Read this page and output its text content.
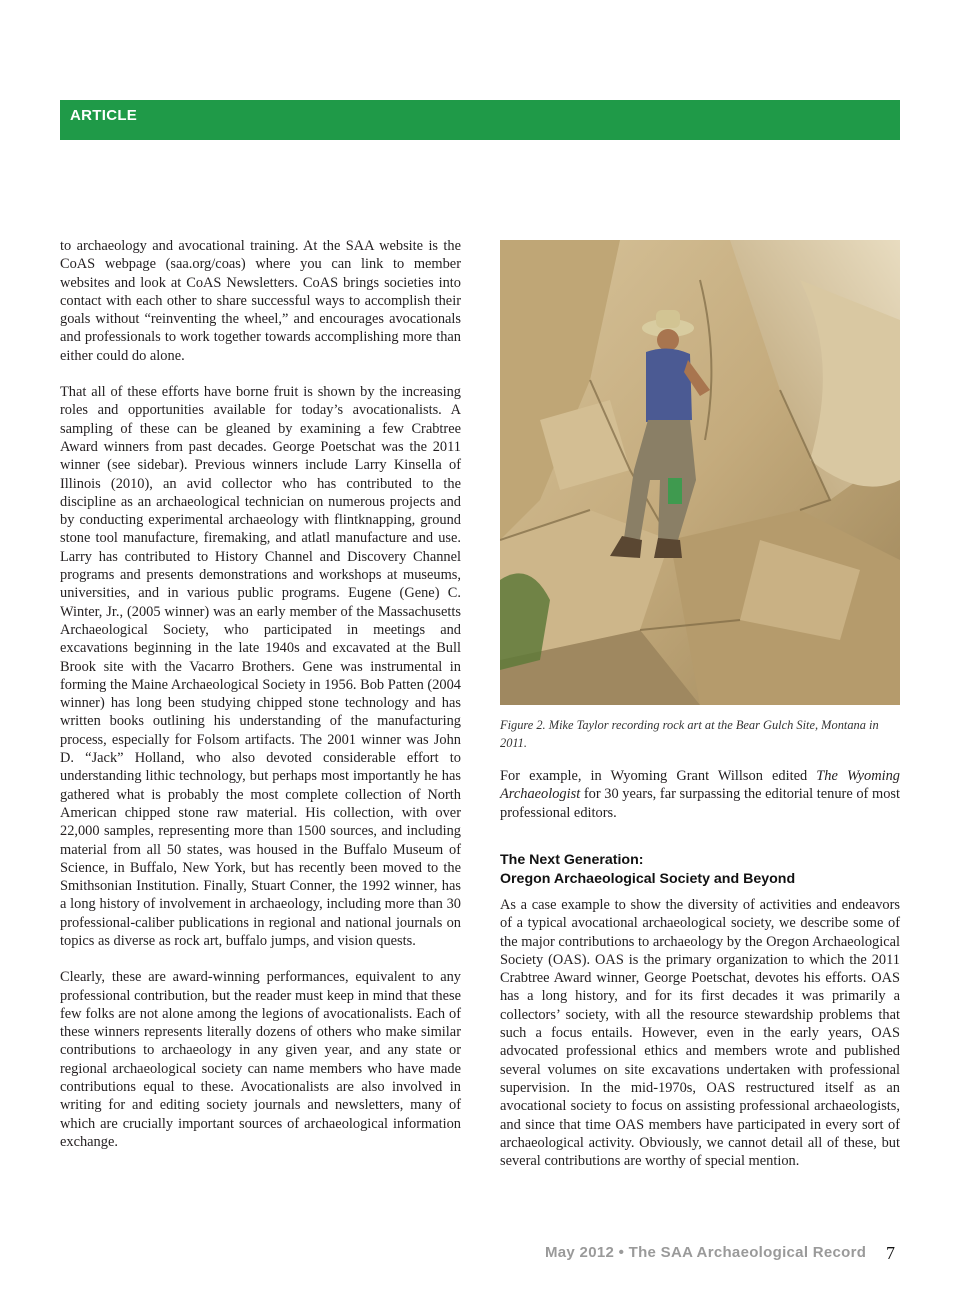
ARTICLE

to archaeology and avocational training. At the SAA website is the CoAS webpage (saa.org/coas) where you can link to member websites and look at CoAS Newsletters. CoAS brings societies into contact with each other to share successful ways to accomplish their goals without “reinventing the wheel,” and encourages avocationals and professionals to work together towards accomplishing more than either could do alone.

That all of these efforts have borne fruit is shown by the increasing roles and opportunities available for today’s avocationalists. A sampling of these can be gleaned by examining a few Crabtree Award winners from past decades. George Poetschat was the 2011 winner (see sidebar). Previous winners include Larry Kinsella of Illinois (2010), an avid collector who has contributed to the discipline as an archaeological technician on numerous projects and by conducting experimental archaeology with flintknapping, ground stone tool manufacture, firemaking, and atlatl manufacture and use. Larry has contributed to History Channel and Discovery Channel programs and presents demonstrations and workshops at museums, universities, and in various public programs. Eugene (Gene) C. Winter, Jr., (2005 winner) was an early member of the Massachusetts Archaeological Society, who participated in meetings and excavations beginning in the late 1940s and excavated at the Bull Brook site with the Vacarro Brothers. Gene was instrumental in forming the Maine Archaeological Society in 1956. Bob Patten (2004 winner) has long been studying chipped stone technology and has written books outlining his understanding of the manufacturing process, especially for Folsom artifacts. The 2001 winner was John D. “Jack” Holland, who also devoted considerable effort to understanding lithic technology, but perhaps most importantly he has gathered what is probably the most complete collection of North American chipped stone raw material. His collection, with over 22,000 samples, representing more than 1500 sources, and including material from all 50 states, was housed in the Buffalo Museum of Science, in Buffalo, New York, but has recently been moved to the Smithsonian Institution. Finally, Stuart Conner, the 1992 winner, has a long history of involvement in archaeology, including more than 30 professional-caliber publications in regional and national journals on topics as diverse as rock art, buffalo jumps, and vision quests.

Clearly, these are award-winning performances, equivalent to any professional contribution, but the reader must keep in mind that these few folks are not alone among the legions of avocationalists. Each of these winners represents literally dozens of others who make similar contributions to archaeology in any given year, and any state or regional archaeological society can name members who have made contributions equal to these. Avocationalists are also involved in writing for and editing society journals and newsletters, many of which are crucially important sources of archaeological information exchange.

Figure 2. Mike Taylor recording rock art at the Bear Gulch Site, Montana in 2011.

For example, in Wyoming Grant Willson edited The Wyoming Archaeologist for 30 years, far surpassing the editorial tenure of most professional editors.

The Next Generation:
Oregon Archaeological Society and Beyond

As a case example to show the diversity of activities and endeavors of a typical avocational archaeological society, we describe some of the major contributions to archaeology by the Oregon Archaeological Society (OAS). OAS is the primary organization to which the 2011 Crabtree Award winner, George Poetschat, devotes his efforts. OAS has a long history, and for its first decades it was primarily a collectors’ society, with all the resource stewardship problems that such a focus entails. However, even in the early years, OAS advocated professional ethics and members wrote and published several volumes on site excavations undertaken with professional supervision. In the mid-1970s, OAS restructured itself as an avocational society to focus on assisting professional archaeologists, and since that time OAS members have participated in every sort of archaeological activity. Obviously, we cannot detail all of these, but several contributions are worthy of special mention.

May 2012 • The SAA Archaeological Record 7
